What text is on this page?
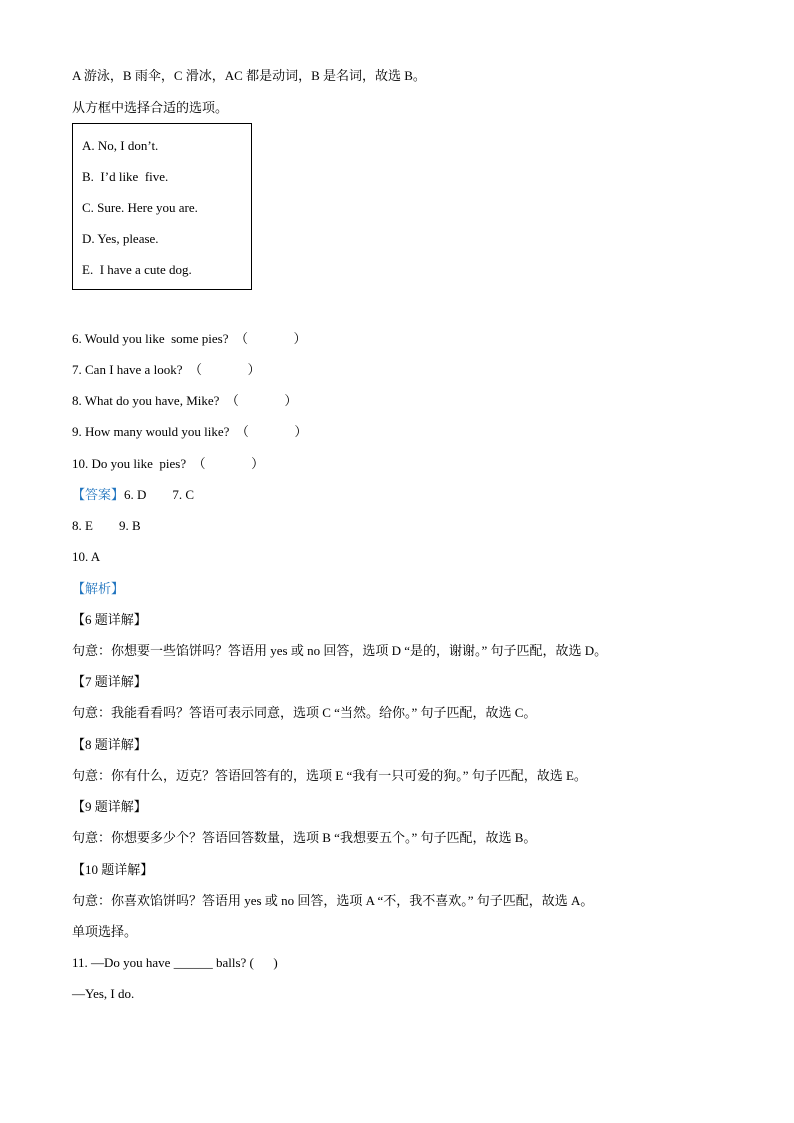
A 游泳，B 雨伞，C 滑冰，AC 都是动词，B 是名词，故选 B。
从方框中选择合适的选项。
A. No, I don’t.
B.  I’d like  five.
C. Sure. Here you are.
D. Yes, please.
E.  I have a cute dog.
6. Would you like  some pies?  （              ）
7. Can I have a look?  （              ）
8. What do you have, Mike?  （              ）
9. How many would you like?  （              ）
10. Do you like  pies?  （              ）
【答案】6. D        7. C
8. E        9. B
10. A
【解析】
【6 题详解】
句意：你想要一些馅饼吗？答语用 yes 或 no 回答，选项 D “是的，谢谢。” 句子匹配，故选 D。
【7 题详解】
句意：我能看看吗？答语可表示同意，选项 C “当然。给你。” 句子匹配，故选 C。
【8 题详解】
句意：你有什么，迈克？答语回答有的，选项 E “我有一只可爱的狗。” 句子匹配，故选 E。
【9 题详解】
句意：你想要多少个？答语回答数量，选项 B “我想要五个。” 句子匹配，故选 B。
【10 题详解】
句意：你喜欢馅饼吗？答语用 yes 或 no 回答，选项 A “不，我不喜欢。” 句子匹配，故选 A。
单项选择。
11. —Do you have ______ balls? (      )
—Yes, I do.
